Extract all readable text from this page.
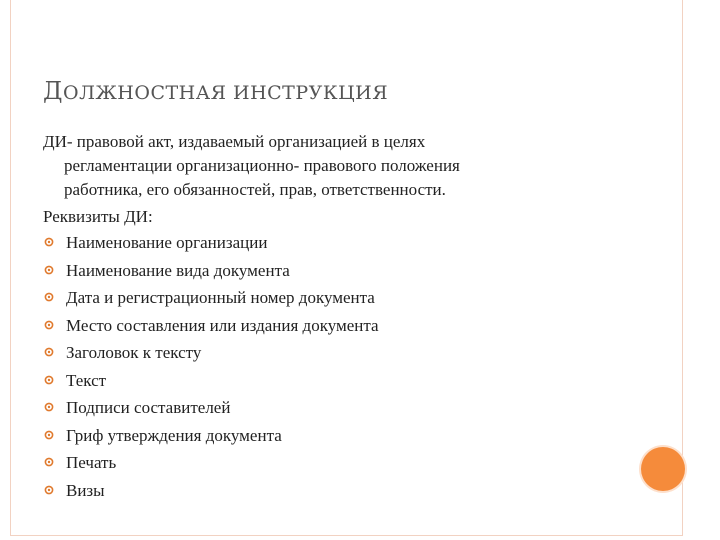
ДОЛЖНОСТНАЯ ИНСТРУКЦИЯ

ДИ- правовой акт, издаваемый организацией в целях

регламентации организационно- правового положения

работника, его обязанностей, прав, ответственности.

Реквизиты ДИ:

Наименование организации
Наименование вида документа
Дата и регистрационный номер документа
Место составления или издания документа
Заголовок к тексту
Текст
Подписи составителей
Гриф утверждения документа
Печать
Визы
